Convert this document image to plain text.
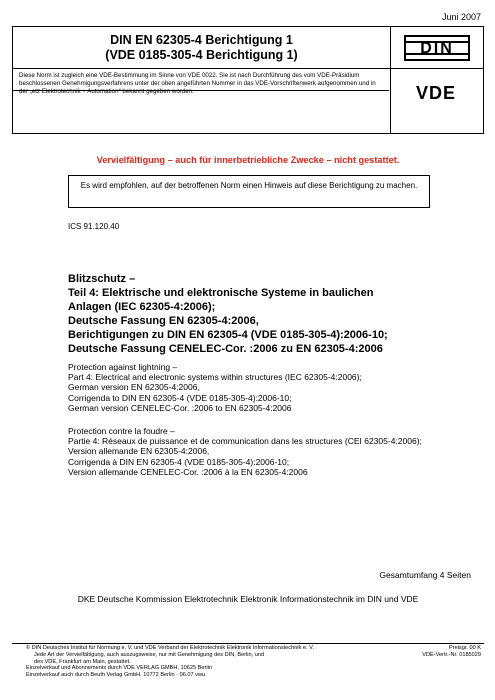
Juni 2007
DIN EN 62305-4 Berichtigung 1
(VDE 0185-305-4 Berichtigung 1)
Diese Norm ist zugleich eine VDE-Bestimmung im Sinne von VDE 0022. Sie ist nach Durchführung des vom VDE-Präsidium beschlossenen Genehmigungsverfahrens unter der oben angeführten Nummer in das VDE-Vorschriftenwerk aufgenommen und in der „etz Elektrotechnik + Automation“ bekannt gegeben worden.
DIN
VDE
Vervielfältigung – auch für innerbetriebliche Zwecke – nicht gestattet.
Es wird empfohlen, auf der betroffenen Norm einen Hinweis auf diese Berichtigung zu machen.
ICS 91.120.40
Blitzschutz –
Teil 4: Elektrische und elektronische Systeme in baulichen
Anlagen (IEC 62305-4:2006);
Deutsche Fassung EN 62305-4:2006,
Berichtigungen zu DIN EN 62305-4 (VDE 0185-305-4):2006-10;
Deutsche Fassung CENELEC-Cor. :2006 zu EN 62305-4:2006
Protection against lightning –
Part 4: Electrical and electronic systems within structures (IEC 62305-4:2006);
German version EN 62305-4:2006,
Corrigenda to DIN EN 62305-4 (VDE 0185-305-4):2006-10;
German version CENELEC-Cor. :2006 to EN 62305-4:2006
Protection contre la foudre –
Partie 4: Réseaux de puissance et de communication dans les structures (CEI 62305-4:2006);
Version allemande EN 62305-4:2006,
Corrigenda à DIN EN 62305-4 (VDE 0185-305-4):2006-10;
Version allemande CENELEC-Cor. :2006 à la EN 62305-4:2006
Gesamtumfang 4 Seiten
DKE Deutsche Kommission Elektrotechnik Elektronik Informationstechnik im DIN und VDE
© DIN Deutsches Institut für Normung e. V. und VDE Verband der Elektrotechnik Elektronik Informationstechnik e. V.
Jede Art der Vervielfältigung, auch auszugsweise, nur mit Genehmigung des DIN, Berlin, und
des VDE, Frankfurt am Main, gestattet.
Einzelverkauf und Abonnements durch VDE VERLAG GMBH, 10625 Berlin
Einzelverkauf auch durch Beuth Verlag GmbH, 10772 Berlin · 06.07 vwu
Preisgr. 00 K
VDE-Vertr.-Nr. 0185029
